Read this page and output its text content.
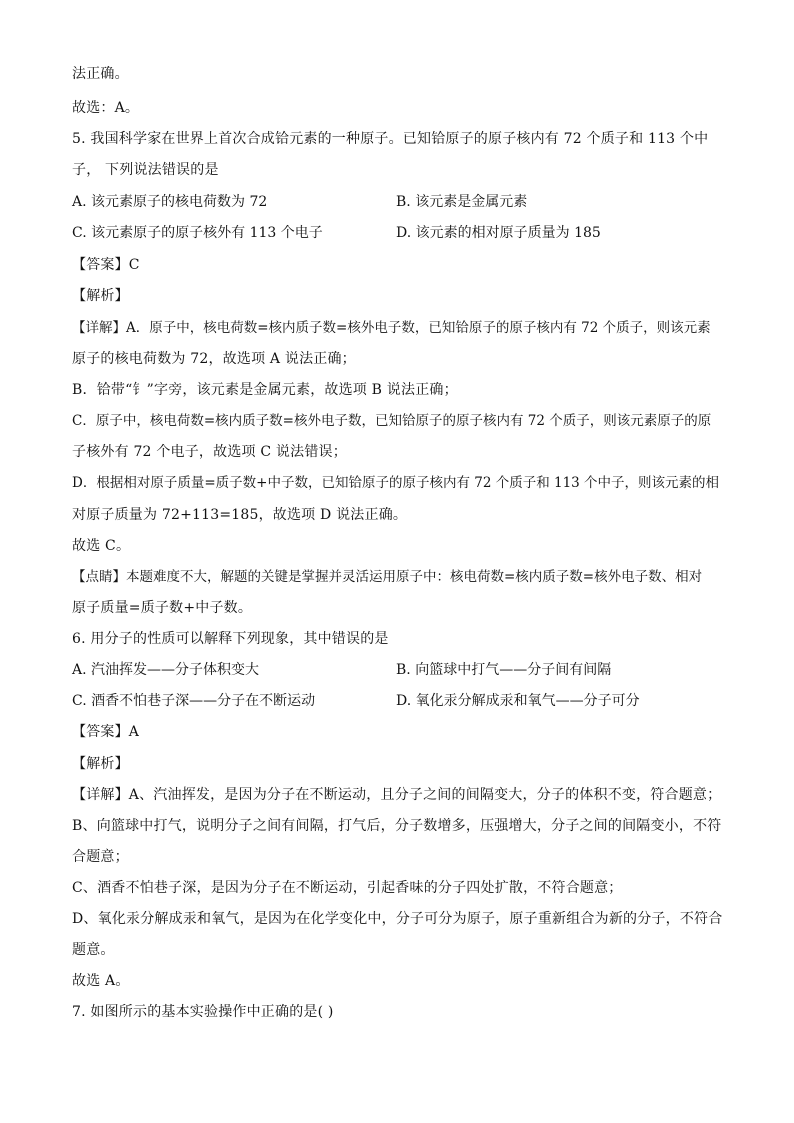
法正确。
故选：A。
5. 我国科学家在世界上首次合成铪元素的一种原子。已知铪原子的原子核内有 72 个质子和 113 个中
子， 下列说法错误的是
A. 该元素原子的核电荷数为 72	B. 该元素是金属元素
C. 该元素原子的原子核外有 113 个电子	D. 该元素的相对原子质量为 185
【答案】C
【解析】
【详解】A．原子中，核电荷数=核内质子数=核外电子数，已知铪原子的原子核内有 72 个质子，则该元素
原子的核电荷数为 72，故选项 A 说法正确；
B．铪带“钅”字旁，该元素是金属元素，故选项 B 说法正确；
C．原子中，核电荷数=核内质子数=核外电子数，已知铪原子的原子核内有 72 个质子，则该元素原子的原
子核外有 72 个电子，故选项 C 说法错误；
D．根据相对原子质量=质子数+中子数，已知铪原子的原子核内有 72 个质子和 113 个中子，则该元素的相
对原子质量为 72+113=185，故选项 D 说法正确。
故选 C。
【点睛】本题难度不大，解题的关键是掌握并灵活运用原子中：核电荷数=核内质子数=核外电子数、相对
原子质量=质子数+中子数。
6. 用分子的性质可以解释下列现象，其中错误的是
A. 汽油挥发——分子体积变大	B. 向篮球中打气——分子间有间隔
C. 酒香不怕巷子深——分子在不断运动	D. 氧化汞分解成汞和氧气——分子可分
【答案】A
【解析】
【详解】A、汽油挥发，是因为分子在不断运动，且分子之间的间隔变大，分子的体积不变，符合题意；
B、向篮球中打气，说明分子之间有间隔，打气后，分子数增多，压强增大，分子之间的间隔变小，不符
合题意；
C、酒香不怕巷子深，是因为分子在不断运动，引起香味的分子四处扩散，不符合题意；
D、氧化汞分解成汞和氧气，是因为在化学变化中，分子可分为原子，原子重新组合为新的分子，不符合
题意。
故选 A。
7. 如图所示的基本实验操作中正确的是( )
